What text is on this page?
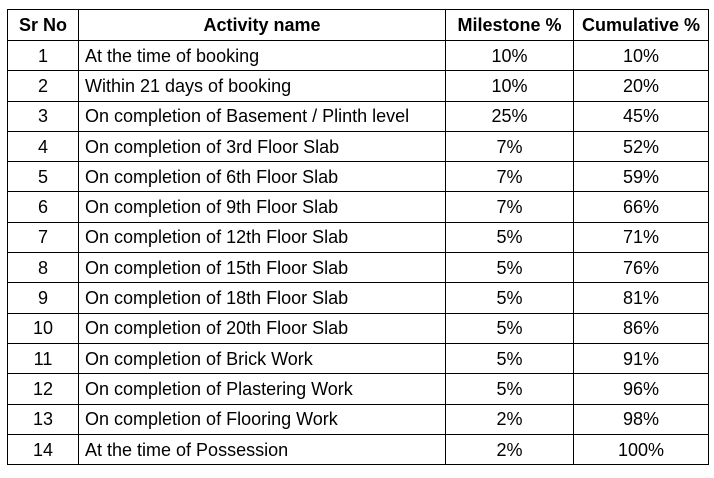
Sr No	Activity name	Milestone %	Cumulative %
1	At the time of booking	10%	10%
2	Within 21 days of booking	10%	20%
3	On completion of Basement / Plinth level	25%	45%
4	On completion of 3rd Floor Slab	7%	52%
5	On completion of 6th Floor Slab	7%	59%
6	On completion of 9th Floor Slab	7%	66%
7	On completion of 12th Floor Slab	5%	71%
8	On completion of 15th Floor Slab	5%	76%
9	On completion of 18th Floor Slab	5%	81%
10	On completion of 20th Floor Slab	5%	86%
11	On completion of Brick Work	5%	91%
12	On completion of Plastering Work	5%	96%
13	On completion of Flooring Work	2%	98%
14	At the time of Possession	2%	100%
